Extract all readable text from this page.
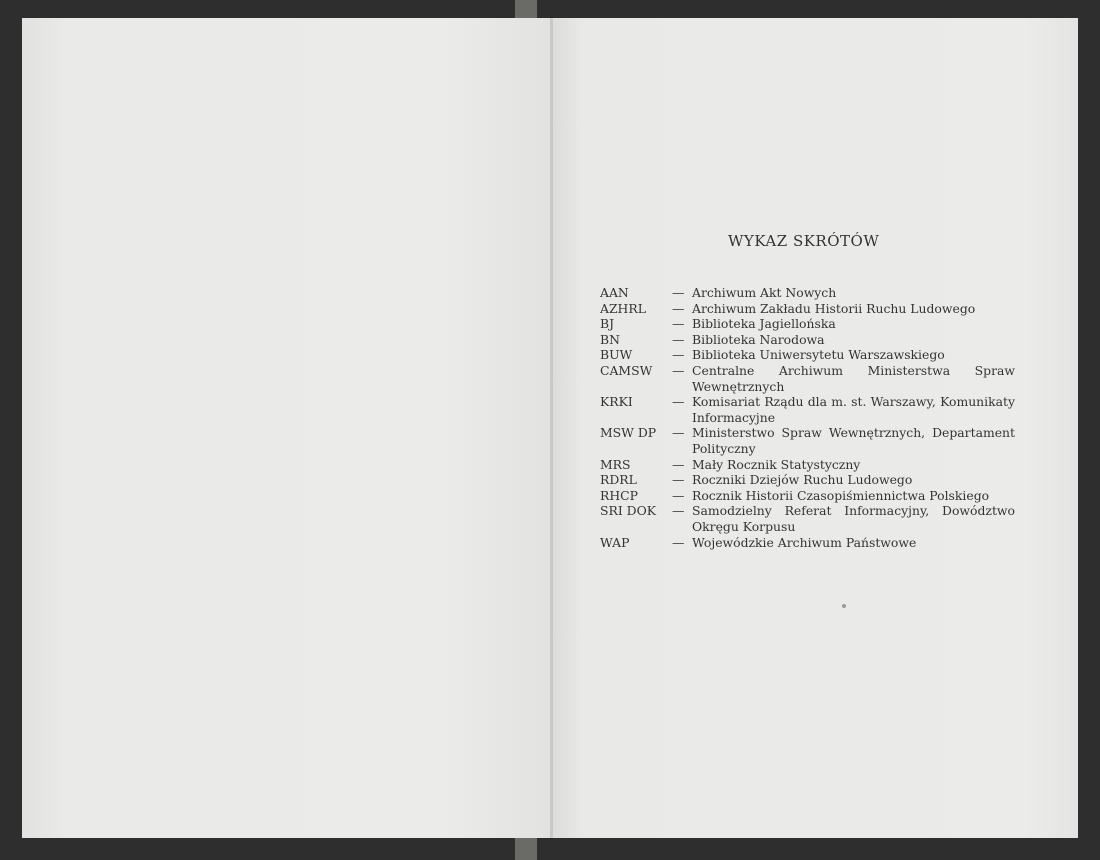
WYKAZ SKRÓTÓW
AAN	— Archiwum Akt Nowych
AZHRL	— Archiwum Zakładu Historii Ruchu Ludowego
BJ	— Biblioteka Jagiellońska
BN	— Biblioteka Narodowa
BUW	— Biblioteka Uniwersytetu Warszawskiego
CAMSW	— Centralne Archiwum Ministerstwa Spraw Wewnętrznych
KRKI	— Komisariat Rządu dla m. st. Warszawy, Komunikaty Informacyjne
MSW DP	— Ministerstwo Spraw Wewnętrznych, Departament Polityczny
MRS	— Mały Rocznik Statystyczny
RDRL	— Roczniki Dziejów Ruchu Ludowego
RHCP	— Rocznik Historii Czasopiśmiennictwa Polskiego
SRI DOK	— Samodzielny Referat Informacyjny, Dowództwo Okręgu Korpusu
WAP	— Wojewódzkie Archiwum Państwowe
